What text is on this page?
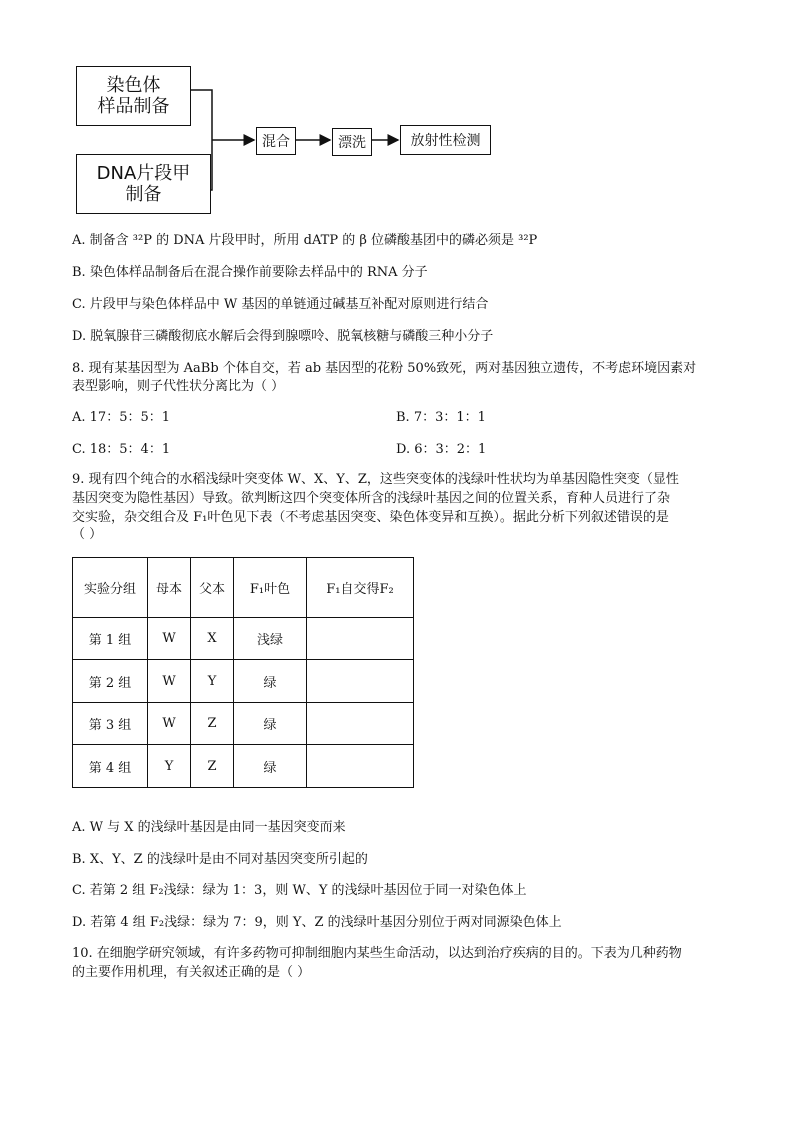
染色体
样品制备
DNA片段甲
制备
混合	漂洗	放射性检测
A. 制备含 ³²P 的 DNA 片段甲时，所用 dATP 的 β 位磷酸基团中的磷必须是 ³²P
B. 染色体样品制备后在混合操作前要除去样品中的 RNA 分子
C. 片段甲与染色体样品中 W 基因的单链通过碱基互补配对原则进行结合
D. 脱氧腺苷三磷酸彻底水解后会得到腺嘌呤、脱氧核糖与磷酸三种小分子
8. 现有某基因型为 AaBb 个体自交，若 ab 基因型的花粉 50%致死，两对基因独立遗传，不考虑环境因素对
表型影响，则子代性状分离比为（ ）
A. 17：5：5：1	B. 7：3：1：1
C. 18：5：4：1	D. 6：3：2：1
9. 现有四个纯合的水稻浅绿叶突变体 W、X、Y、Z，这些突变体的浅绿叶性状均为单基因隐性突变（显性
基因突变为隐性基因）导致。欲判断这四个突变体所含的浅绿叶基因之间的位置关系，育种人员进行了杂
交实验，杂交组合及 F₁叶色见下表（不考虑基因突变、染色体变异和互换）。据此分析下列叙述错误的是
（ ）
实验分组	母本	父本	F₁叶色	F₁自交得F₂
第 1 组	W	X	浅绿	
第 2 组	W	Y	绿	
第 3 组	W	Z	绿	
第 4 组	Y	Z	绿	
A. W 与 X 的浅绿叶基因是由同一基因突变而来
B. X、Y、Z 的浅绿叶是由不同对基因突变所引起的
C. 若第 2 组 F₂浅绿：绿为 1：3，则 W、Y 的浅绿叶基因位于同一对染色体上
D. 若第 4 组 F₂浅绿：绿为 7：9，则 Y、Z 的浅绿叶基因分别位于两对同源染色体上
10. 在细胞学研究领域，有许多药物可抑制细胞内某些生命活动，以达到治疗疾病的目的。下表为几种药物
的主要作用机理，有关叙述正确的是（ ）
